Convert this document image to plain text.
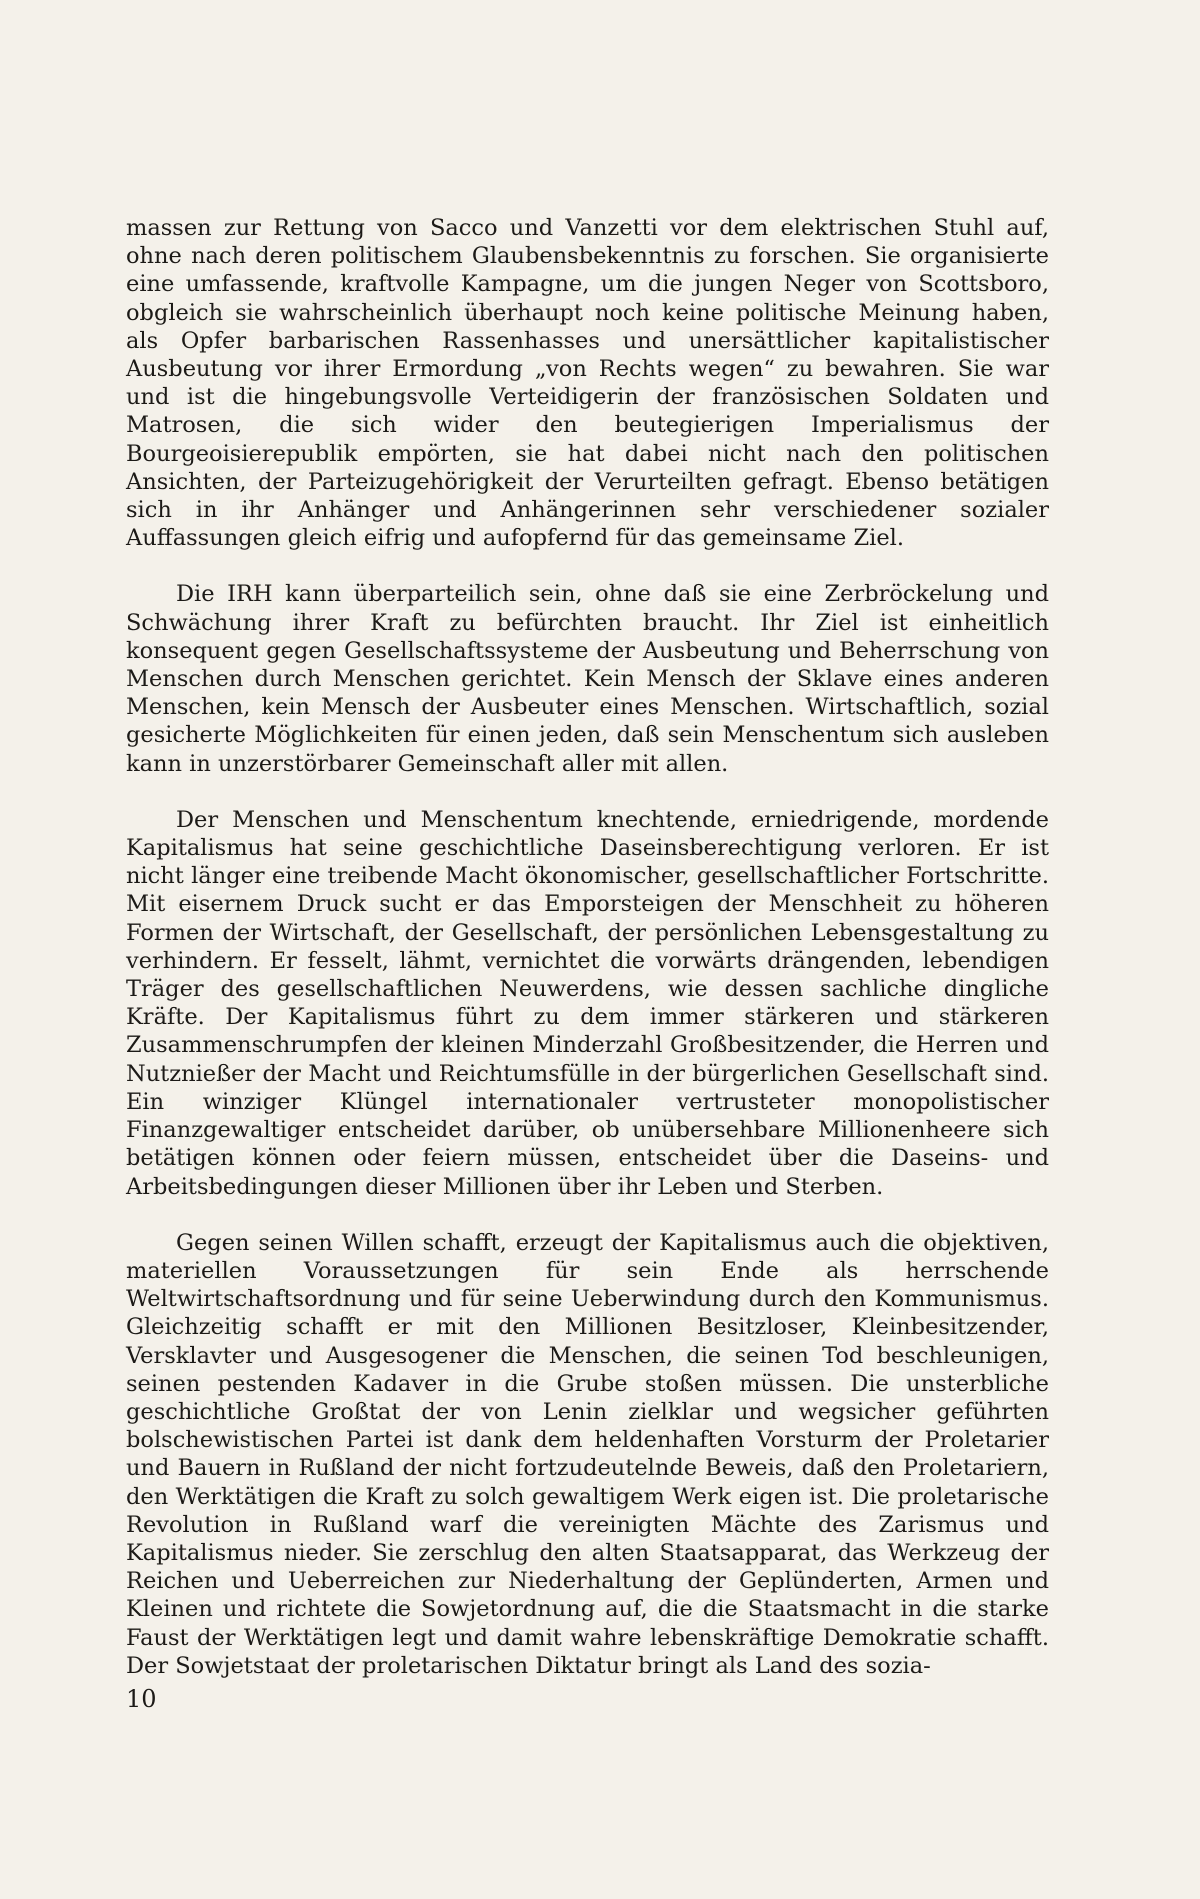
massen zur Rettung von Sacco und Vanzetti vor dem elektrischen Stuhl auf, ohne nach deren politischem Glaubensbekenntnis zu forschen. Sie organisierte eine umfassende, kraftvolle Kampagne, um die jungen Neger von Scottsboro, obgleich sie wahrscheinlich überhaupt noch keine politische Meinung haben, als Opfer barbarischen Rassenhasses und unersättlicher kapitalistischer Ausbeutung vor ihrer Ermordung „von Rechts wegen“ zu bewahren. Sie war und ist die hingebungsvolle Verteidigerin der französischen Soldaten und Matrosen, die sich wider den beutegierigen Imperialismus der Bourgeoisierepublik empörten, sie hat dabei nicht nach den politischen Ansichten, der Parteizugehörigkeit der Verurteilten gefragt. Ebenso betätigen sich in ihr Anhänger und Anhängerinnen sehr verschiedener sozialer Auffassungen gleich eifrig und aufopfernd für das gemeinsame Ziel.

Die IRH kann überparteilich sein, ohne daß sie eine Zerbröckelung und Schwächung ihrer Kraft zu befürchten braucht. Ihr Ziel ist einheitlich konsequent gegen Gesellschaftssysteme der Ausbeutung und Beherrschung von Menschen durch Menschen gerichtet. Kein Mensch der Sklave eines anderen Menschen, kein Mensch der Ausbeuter eines Menschen. Wirtschaftlich, sozial gesicherte Möglichkeiten für einen jeden, daß sein Menschentum sich ausleben kann in unzerstörbarer Gemeinschaft aller mit allen.

Der Menschen und Menschentum knechtende, erniedrigende, mordende Kapitalismus hat seine geschichtliche Daseinsberechtigung verloren. Er ist nicht länger eine treibende Macht ökonomischer, gesellschaftlicher Fortschritte. Mit eisernem Druck sucht er das Emporsteigen der Menschheit zu höheren Formen der Wirtschaft, der Gesellschaft, der persönlichen Lebensgestaltung zu verhindern. Er fesselt, lähmt, vernichtet die vorwärts drängenden, lebendigen Träger des gesellschaftlichen Neuwerdens, wie dessen sachliche dingliche Kräfte. Der Kapitalismus führt zu dem immer stärkeren und stärkeren Zusammenschrumpfen der kleinen Minderzahl Großbesitzender, die Herren und Nutznießer der Macht und Reichtumsfülle in der bürgerlichen Gesellschaft sind. Ein winziger Klüngel internationaler vertrusteter monopolistischer Finanzgewaltiger entscheidet darüber, ob unübersehbare Millionenheere sich betätigen können oder feiern müssen, entscheidet über die Daseins- und Arbeitsbedingungen dieser Millionen über ihr Leben und Sterben.

Gegen seinen Willen schafft, erzeugt der Kapitalismus auch die objektiven, materiellen Voraussetzungen für sein Ende als herrschende Weltwirtschaftsordnung und für seine Ueberwindung durch den Kommunismus. Gleichzeitig schafft er mit den Millionen Besitzloser, Kleinbesitzender, Versklavter und Ausgesogener die Menschen, die seinen Tod beschleunigen, seinen pestenden Kadaver in die Grube stoßen müssen. Die unsterbliche geschichtliche Großtat der von Lenin zielklar und wegsicher geführten bolschewistischen Partei ist dank dem heldenhaften Vorsturm der Proletarier und Bauern in Rußland der nicht fortzudeutelnde Beweis, daß den Proletariern, den Werktätigen die Kraft zu solch gewaltigem Werk eigen ist. Die proletarische Revolution in Rußland warf die vereinigten Mächte des Zarismus und Kapitalismus nieder. Sie zerschlug den alten Staatsapparat, das Werkzeug der Reichen und Ueberreichen zur Niederhaltung der Geplünderten, Armen und Kleinen und richtete die Sowjetordnung auf, die die Staatsmacht in die starke Faust der Werktätigen legt und damit wahre lebenskräftige Demokratie schafft. Der Sowjetstaat der proletarischen Diktatur bringt als Land des sozia-

10
